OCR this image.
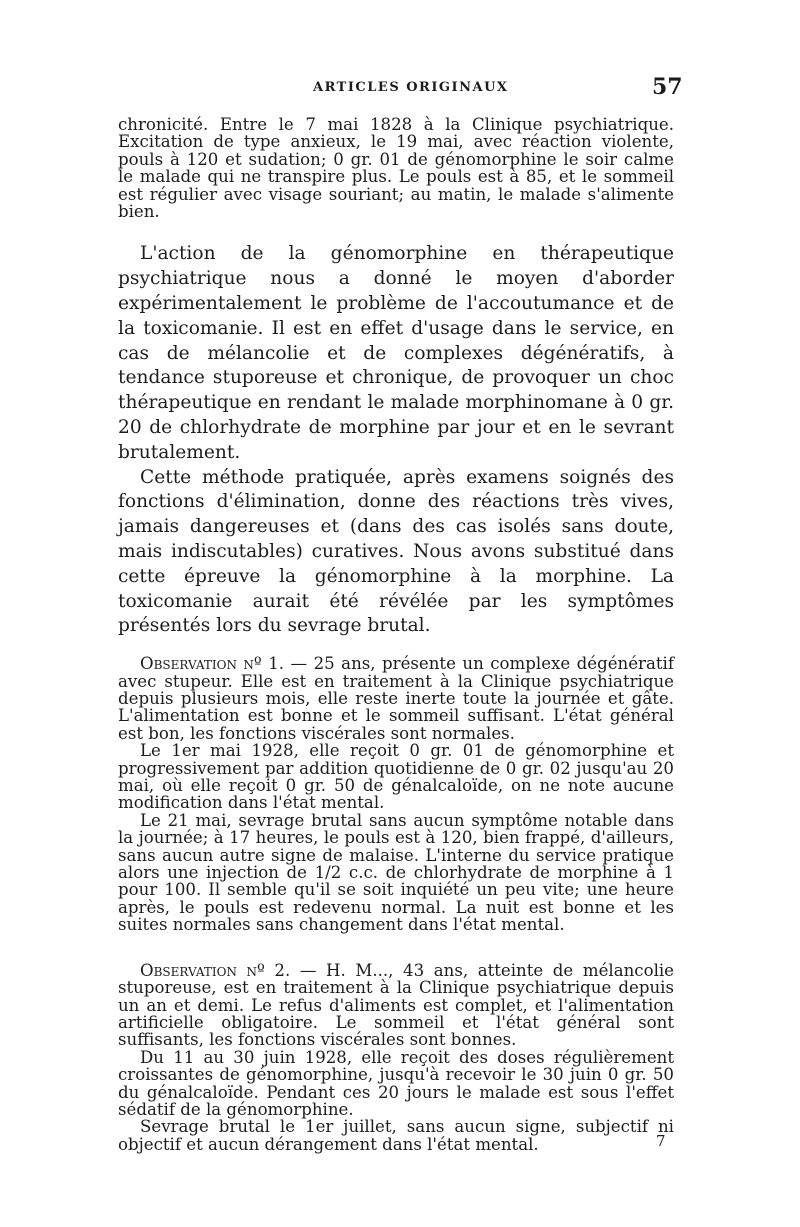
ARTICLES ORIGINAUX	57

chronicité. Entre le 7 mai 1828 à la Clinique psychiatrique. Excitation de type anxieux, le 19 mai, avec réaction violente, pouls à 120 et sudation; 0 gr. 01 de génomorphine le soir calme le malade qui ne transpire plus. Le pouls est à 85, et le sommeil est régulier avec visage souriant; au matin, le malade s'alimente bien.

L'action de la génomorphine en thérapeutique psychiatrique nous a donné le moyen d'aborder expérimentalement le problème de l'accoutumance et de la toxicomanie. Il est en effet d'usage dans le service, en cas de mélancolie et de complexes dégénératifs, à tendance stuporeuse et chronique, de provoquer un choc thérapeutique en rendant le malade morphinomane à 0 gr. 20 de chlorhydrate de morphine par jour et en le sevrant brutalement.

Cette méthode pratiquée, après examens soignés des fonctions d'élimination, donne des réactions très vives, jamais dangereuses et (dans des cas isolés sans doute, mais indiscutables) curatives. Nous avons substitué dans cette épreuve la génomorphine à la morphine. La toxicomanie aurait été révélée par les symptômes présentés lors du sevrage brutal.

Observation nº 1. — 25 ans, présente un complexe dégénératif avec stupeur. Elle est en traitement à la Clinique psychiatrique depuis plusieurs mois, elle reste inerte toute la journée et gâte. L'alimentation est bonne et le sommeil suffisant. L'état général est bon, les fonctions viscérales sont normales.

Le 1er mai 1928, elle reçoit 0 gr. 01 de génomorphine et progressivement par addition quotidienne de 0 gr. 02 jusqu'au 20 mai, où elle reçoit 0 gr. 50 de génalcaloïde, on ne note aucune modification dans l'état mental.

Le 21 mai, sevrage brutal sans aucun symptôme notable dans la journée; à 17 heures, le pouls est à 120, bien frappé, d'ailleurs, sans aucun autre signe de malaise. L'interne du service pratique alors une injection de 1/2 c.c. de chlorhydrate de morphine à 1 pour 100. Il semble qu'il se soit inquiété un peu vite; une heure après, le pouls est redevenu normal. La nuit est bonne et les suites normales sans changement dans l'état mental.

Observation nº 2. — H. M..., 43 ans, atteinte de mélancolie stuporeuse, est en traitement à la Clinique psychiatrique depuis un an et demi. Le refus d'aliments est complet, et l'alimentation artificielle obligatoire. Le sommeil et l'état général sont suffisants, les fonctions viscérales sont bonnes.

Du 11 au 30 juin 1928, elle reçoit des doses régulièrement croissantes de génomorphine, jusqu'à recevoir le 30 juin 0 gr. 50 du génalcaloïde. Pendant ces 20 jours le malade est sous l'effet sédatif de la génomorphine.

Sevrage brutal le 1er juillet, sans aucun signe, subjectif ni objectif et aucun dérangement dans l'état mental.	7
